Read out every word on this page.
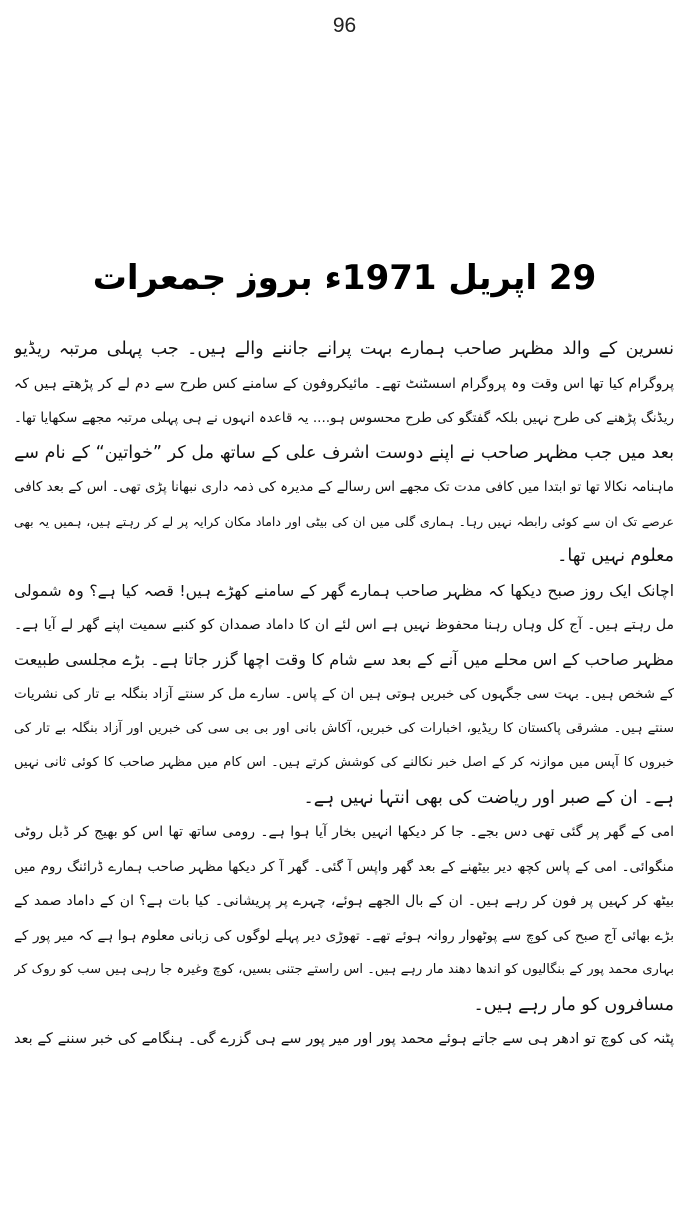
96
29 اپریل 1971ء بروز جمعرات
نسرین کے والد مظہر صاحب ہمارے بہت پرانے جاننے والے ہیں۔ جب پہلی مرتبہ ریڈیو
پروگرام کیا تھا اس وقت وہ پروگرام اسسٹنٹ تھے۔ مائیکروفون کے سامنے کس طرح سے دم لے کر پڑھتے ہیں کہ
ریڈنگ پڑھنے کی طرح نہیں بلکہ گفتگو کی طرح محسوس ہو.... یہ قاعدہ انہوں نے ہی پہلی مرتبہ مجھے سکھایا تھا۔
بعد میں جب مظہر صاحب نے اپنے دوست اشرف علی کے ساتھ مل کر ”خواتین“ کے نام سے
ماہنامہ نکالا تھا تو ابتدا میں کافی مدت تک مجھے اس رسالے کے مدیرہ کی ذمہ داری نبھانا پڑی تھی۔ اس کے بعد کافی
عرصے تک ان سے کوئی رابطہ نہیں رہا۔ ہماری گلی میں ان کی بیٹی اور داماد مکان کرایہ پر لے کر رہتے ہیں، ہمیں یہ بھی
معلوم نہیں تھا۔
اچانک ایک روز صبح دیکھا کہ مظہر صاحب ہمارے گھر کے سامنے کھڑے ہیں! قصہ کیا ہے؟ وہ شمولی
مل رہتے ہیں۔ آج کل وہاں رہنا محفوظ نہیں ہے اس لئے ان کا داماد صمدان کو کنبے سمیت اپنے گھر لے آیا ہے۔
مظہر صاحب کے اس محلے میں آنے کے بعد سے شام کا وقت اچھا گزر جاتا ہے۔ بڑے مجلسی طبیعت
کے شخص ہیں۔ بہت سی جگہوں کی خبریں ہوتی ہیں ان کے پاس۔ سارے مل کر سنتے آزاد بنگلہ بے تار کی نشریات
سنتے ہیں۔ مشرقی پاکستان کا ریڈیو، اخبارات کی خبریں، آکاش بانی اور بی بی سی کی خبریں اور آزاد بنگلہ بے تار کی
خبروں کا آپس میں موازنہ کر کے اصل خبر نکالنے کی کوشش کرتے ہیں۔ اس کام میں مظہر صاحب کا کوئی ثانی نہیں
ہے۔ ان کے صبر اور ریاضت کی بھی انتہا نہیں ہے۔
امی کے گھر پر گئی تھی دس بجے۔ جا کر دیکھا انہیں بخار آیا ہوا ہے۔ رومی ساتھ تھا اس کو بھیج کر ڈبل روٹی
منگوائی۔ امی کے پاس کچھ دیر بیٹھنے کے بعد گھر واپس آ گئی۔ گھر آ کر دیکھا مظہر صاحب ہمارے ڈرائنگ روم میں
بیٹھ کر کہیں پر فون کر رہے ہیں۔ ان کے بال الجھے ہوئے، چہرے پر پریشانی۔ کیا بات ہے؟ ان کے داماد صمد کے
بڑے بھائی آج صبح کی کوچ سے پوٹھوار روانہ ہوئے تھے۔ تھوڑی دیر پہلے لوگوں کی زبانی معلوم ہوا ہے کہ میر پور کے
بہاری محمد پور کے بنگالیوں کو اندھا دھند مار رہے ہیں۔ اس راستے جتنی بسیں، کوچ وغیرہ جا رہی ہیں سب کو روک کر
مسافروں کو مار رہے ہیں۔
پٹنہ کی کوچ تو ادھر ہی سے جاتے ہوئے محمد پور اور میر پور سے ہی گزرے گی۔ ہنگامے کی خبر سننے کے بعد
